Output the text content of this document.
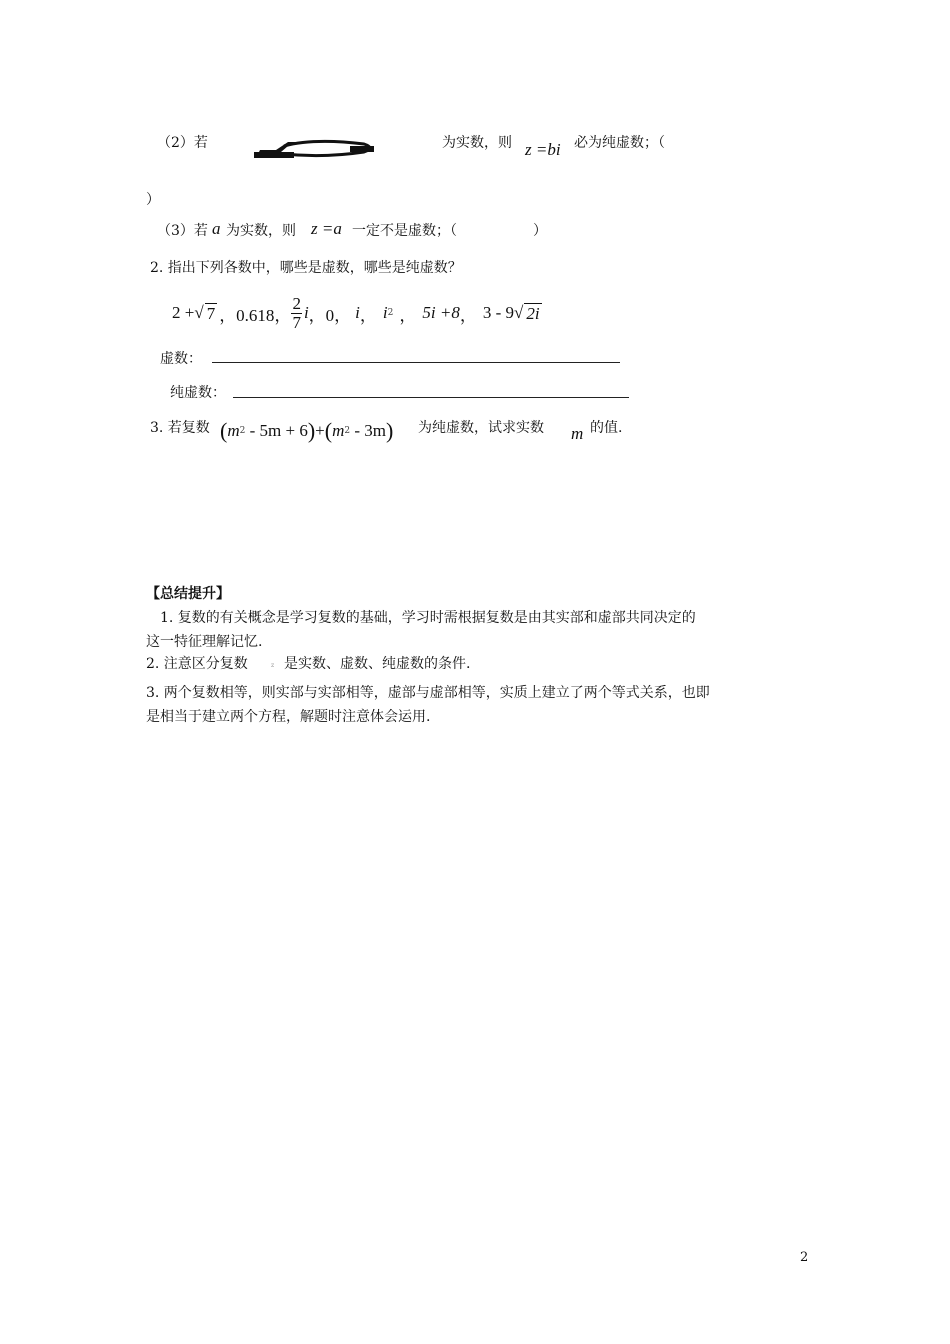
（2）若	为实数，则 z =bi 必为纯虚数；（
）
（3）若 a 为实数，则 z =a 一定不是虚数；（	）
2. 指出下列各数中，哪些是虚数，哪些是纯虚数？
2 + √ 7 ，0.618， $\frac{2}{7}$ i ，0， i ， i 2 ， 5i +8 ， 3 - 9 √ 2i
虚数：
纯虚数：
3. 若复数 ( m 2 - 5m + 6 ) + ( m 2 - 3m ) 为纯虚数，试求实数 m 的值.
【总结提升】
1. 复数的有关概念是学习复数的基础，学习时需根据复数是由其实部和虚部共同决定的
这一特征理解记忆.
2. 注意区分复数	z 是实数、虚数、纯虚数的条件.
3. 两个复数相等，则实部与实部相等，虚部与虚部相等，实质上建立了两个等式关系，也即
是相当于建立两个方程，解题时注意体会运用.
2
